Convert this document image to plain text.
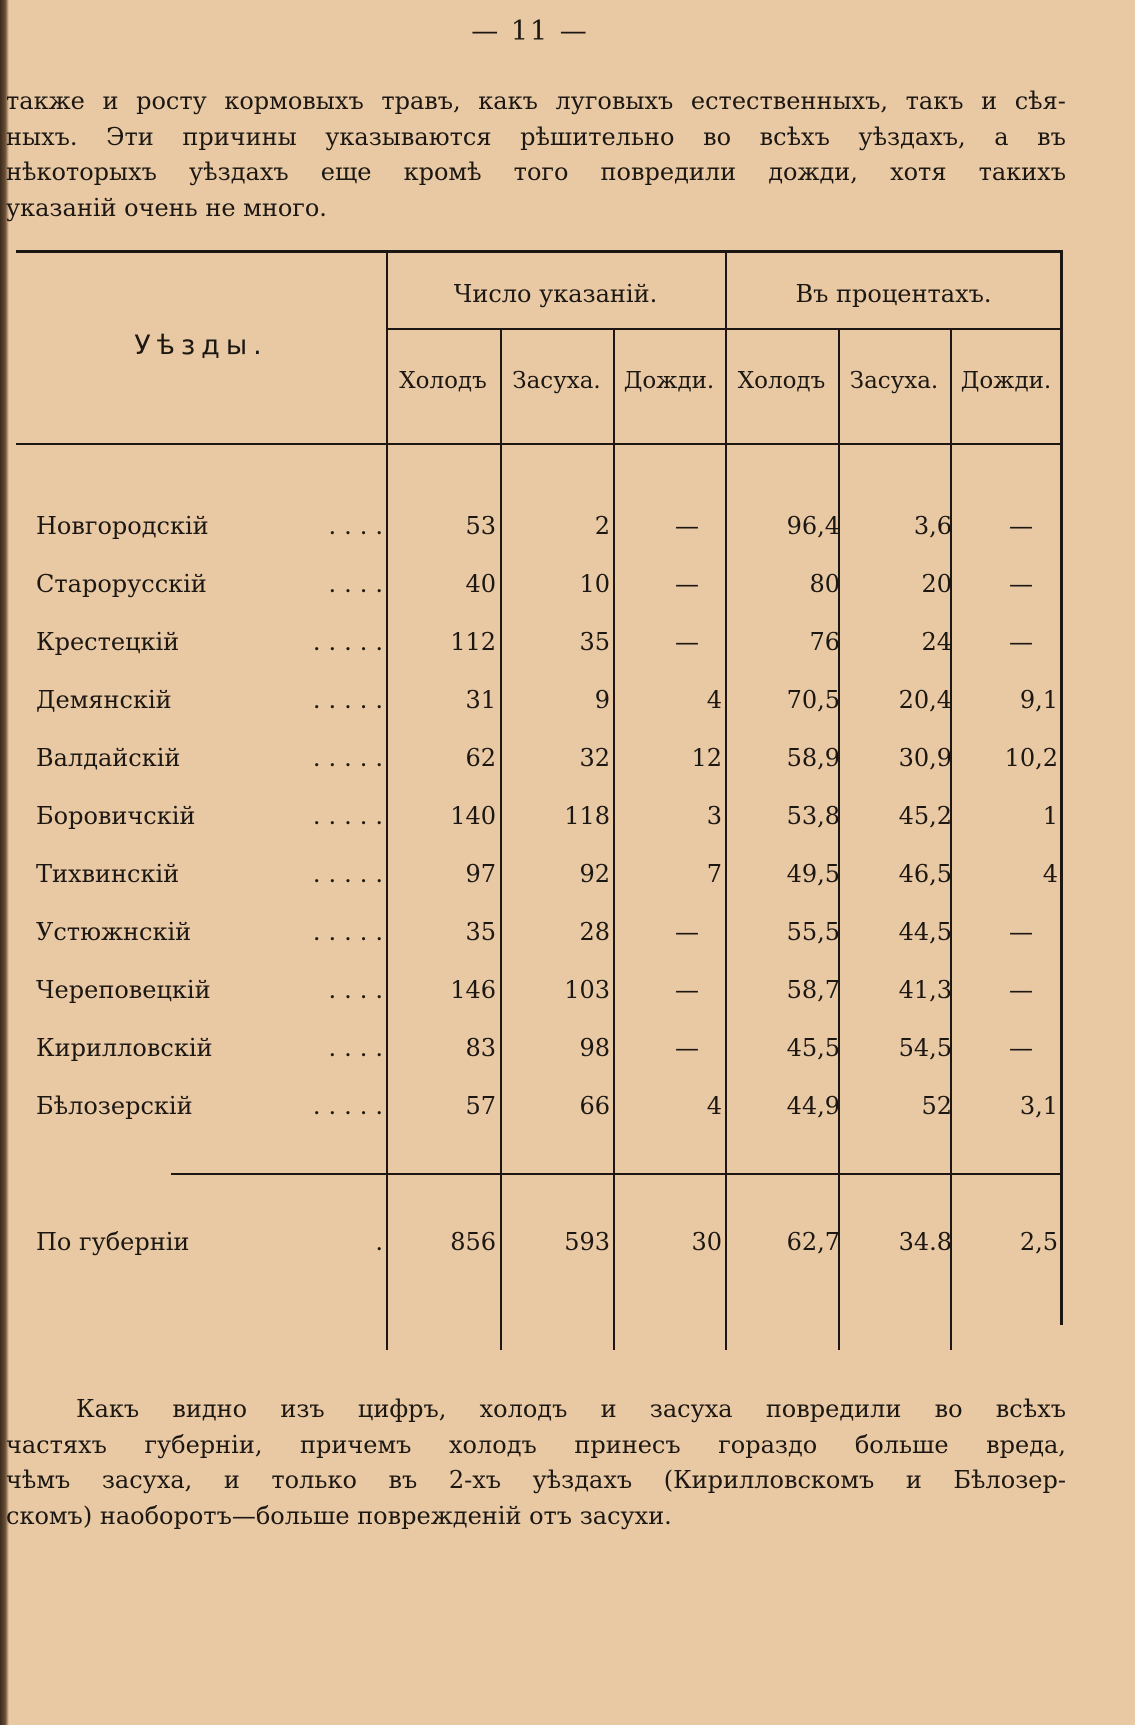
— 11 —

также и росту кормовыхъ травъ, какъ луговыхъ естественныхъ, такъ и сѣя-

ныхъ. Эти причины указываются рѣшительно во всѣхъ уѣздахъ, а въ

нѣкоторыхъ уѣздахъ еще кромѣ того повредили дожди, хотя такихъ

указаній очень не много.

Уѣзды.
Число указаній.	Въ процентахъ.
Холодъ	Засуха.	Дожди.	Холодъ	Засуха. Дожди.
Новгородскій	....	53	2	—	96,4	3,6	—
Старорусскій	....	40	10	—	80	20	—
Крестецкій	.....	112	35	—	76	24	—
Демянскій	.....	31	9	4	70,5	20,4	9,1
Валдайскій	.....	62	32	12	58,9	30,9	10,2
Боровичскій	.....	140	118	3	53,8	45,2	1
Тихвинскій	.....	97	92	7	49,5	46,5	4
Устюжнскій	.....	35	28	—	55,5	44,5	—
Череповецкій	....	146	103	—	58,7	41,3	—
Кирилловскій	....	83	98	—	45,5	54,5	—
Бѣлозерскій	.....	57	66	4	44,9	52	3,1
По губерніи	.	856	593	30	62,7	34.8	2,5

Какъ видно изъ цифръ, холодъ и засуха повредили во всѣхъ

частяхъ губерніи, причемъ холодъ принесъ гораздо больше вреда,

чѣмъ засуха, и только въ 2-хъ уѣздахъ (Кирилловскомъ и Бѣлозер-

скомъ) наоборотъ—больше поврежденій отъ засухи.
